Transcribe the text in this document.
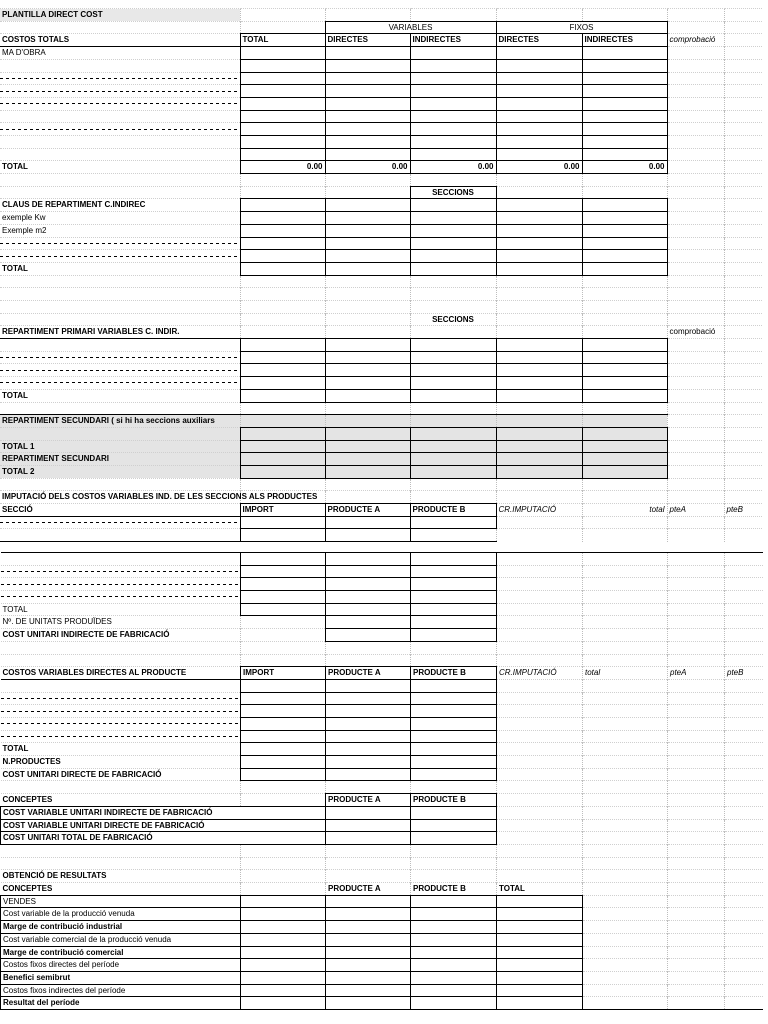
PLANTILLA DIRECT COST							
		VARIABLES		FIXOS			
COSTOS TOTALS	TOTAL	DIRECTES	INDIRECTES	DIRECTES	INDIRECTES	comprobació	
MA D'OBRA							

TOTAL	0.00	0.00	0.00	0.00	0.00		

			SECCIONS				
CLAUS DE REPARTIMENT C.INDIREC							
exemple Kw							
Exemple m2							

TOTAL							

			SECCIONS				
REPARTIMENT PRIMARI VARIABLES C. INDIR.						comprobació	

TOTAL							

REPARTIMENT SECUNDARI ( si hi ha seccions auxiliars							

TOTAL 1							
REPARTIMENT SECUNDARI							
TOTAL 2							

IMPUTACIÓ DELS COSTOS VARIABLES IND. DE LES SECCIONS ALS PRODUCTES							
SECCIÓ	IMPORT	PRODUCTE A	PRODUCTE B	CR.IMPUTACIÓ	total	pteA	pteB

TOTAL							
Nº. DE UNITATS PRODUÏDES							
COST UNITARI INDIRECTE DE FABRICACIÓ							

COSTOS VARIABLES DIRECTES AL PRODUCTE	IMPORT	PRODUCTE A	PRODUCTE B	CR.IMPUTACIÓ	total	pteA	pteB

TOTAL							
N.PRODUCTES							
COST UNITARI DIRECTE DE FABRICACIÓ							

CONCEPTES		PRODUCTE A	PRODUCTE B				
COST VARIABLE UNITARI INDIRECTE DE FABRICACIÓ							
COST VARIABLE UNITARI DIRECTE DE FABRICACIÓ							
COST UNITARI TOTAL DE FABRICACIÓ							

OBTENCIÓ DE RESULTATS							
CONCEPTES		PRODUCTE A	PRODUCTE B	TOTAL			
VENDES							
Cost variable de la producció venuda							
Marge de contribució industrial							
Cost variable comercial de la producció venuda							
Marge de contribució comercial							
Costos fixos directes del període							
Benefici semibrut							
Costos fixos indirectes del període							
Resultat del període							
